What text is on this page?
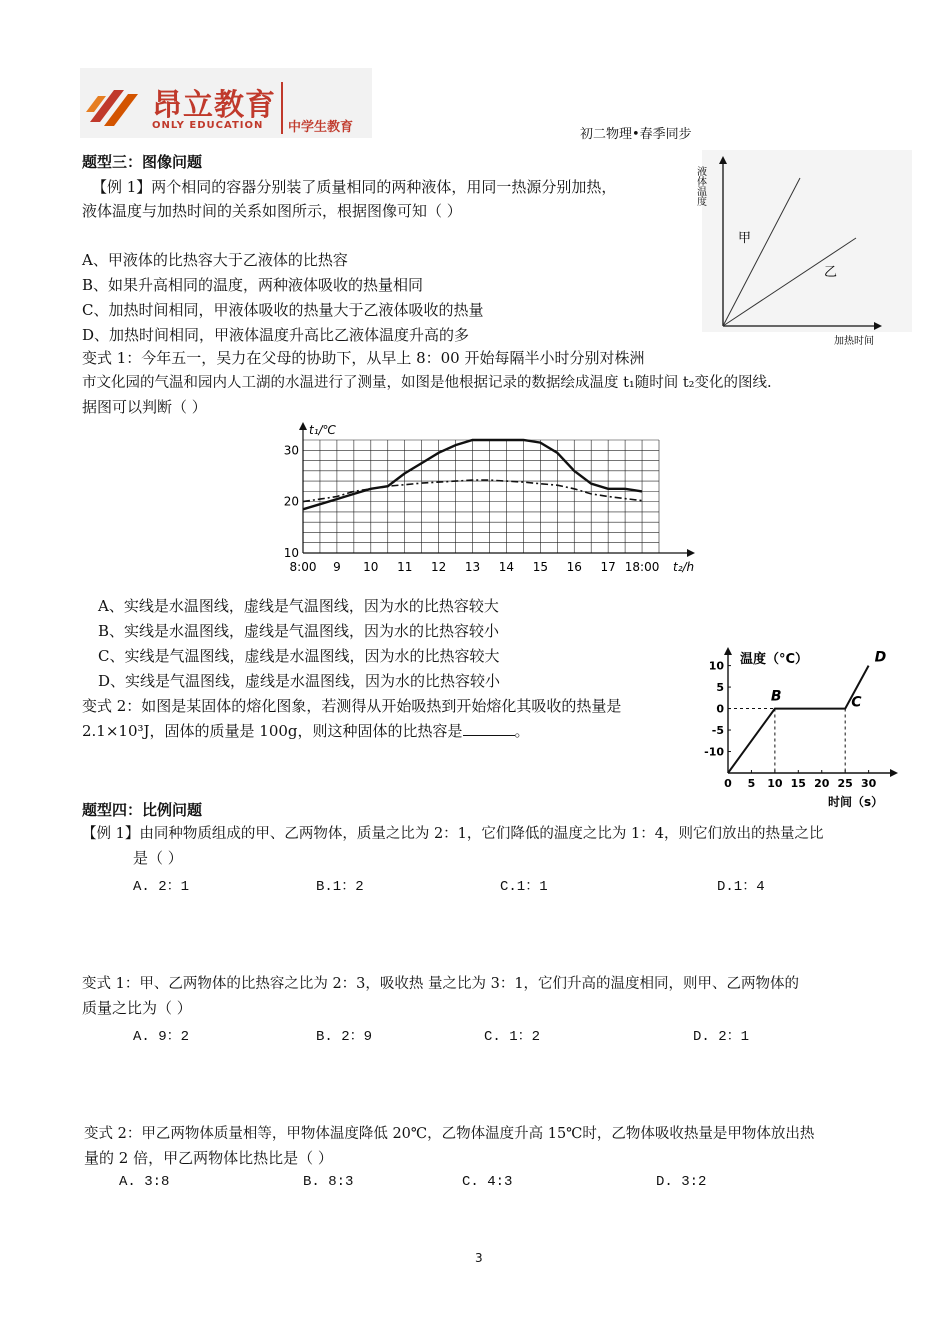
昂立教育
ONLY EDUCATION 中学生教育	初二物理•春季同步
题型三：图像问题
【例 1】两个相同的容器分别装了质量相同的两种液体，用同一热源分别加热，
液体温度与加热时间的关系如图所示，根据图像可知（ ）
A、甲液体的比热容大于乙液体的比热容
B、如果升高相同的温度，两种液体吸收的热量相同
C、加热时间相同，甲液体吸收的热量大于乙液体吸收的热量
D、加热时间相同，甲液体温度升高比乙液体温度升高的多
液体温度
加热时间
甲
乙
变式 1：今年五一，吴力在父母的协助下，从早上 8：00 开始每隔半小时分别对株洲
市文化园的气温和园内人工湖的水温进行了测量，如图是他根据记录的数据绘成温度 t₁随时间 t₂变化的图线.
据图可以判断（ ）
8:00 9 10 11 12 13 14 15 16 17 18:00
10
20
30
t₁/℃
t₂/h
A、实线是水温图线，虚线是气温图线，因为水的比热容较大
B、实线是水温图线，虚线是气温图线，因为水的比热容较小
C、实线是气温图线，虚线是水温图线，因为水的比热容较大
D、实线是气温图线，虚线是水温图线，因为水的比热容较小
变式 2：如图是某固体的熔化图象，若测得从开始吸热到开始熔化其吸收的热量是
2.1×10³J，固体的质量是 100g，则这种固体的比热容是	。
温度（°C）
时间（s）
0 5 10 15 20 25 30
10
5
0
-5
-10
B	C
D
题型四：比例问题
【例 1】由同种物质组成的甲、乙两物体，质量之比为 2：1，它们降低的温度之比为 1：4，则它们放出的热量之比
是（ ）
A. 2：1	B.1：2	C.1：1	D.1：4
变式 1：甲、乙两物体的比热容之比为 2：3，吸收热 量之比为 3：1，它们升高的温度相同，则甲、乙两物体的
质量之比为（ ）
A. 9：2	B. 2：9	C. 1：2	D. 2：1
变式 2：甲乙两物体质量相等，甲物体温度降低 20℃，乙物体温度升高 15℃时，乙物体吸收热量是甲物体放出热
量的 2 倍，甲乙两物体比热比是（ ）
A. 3:8	B. 8:3	C. 4:3	D. 3:2
3
